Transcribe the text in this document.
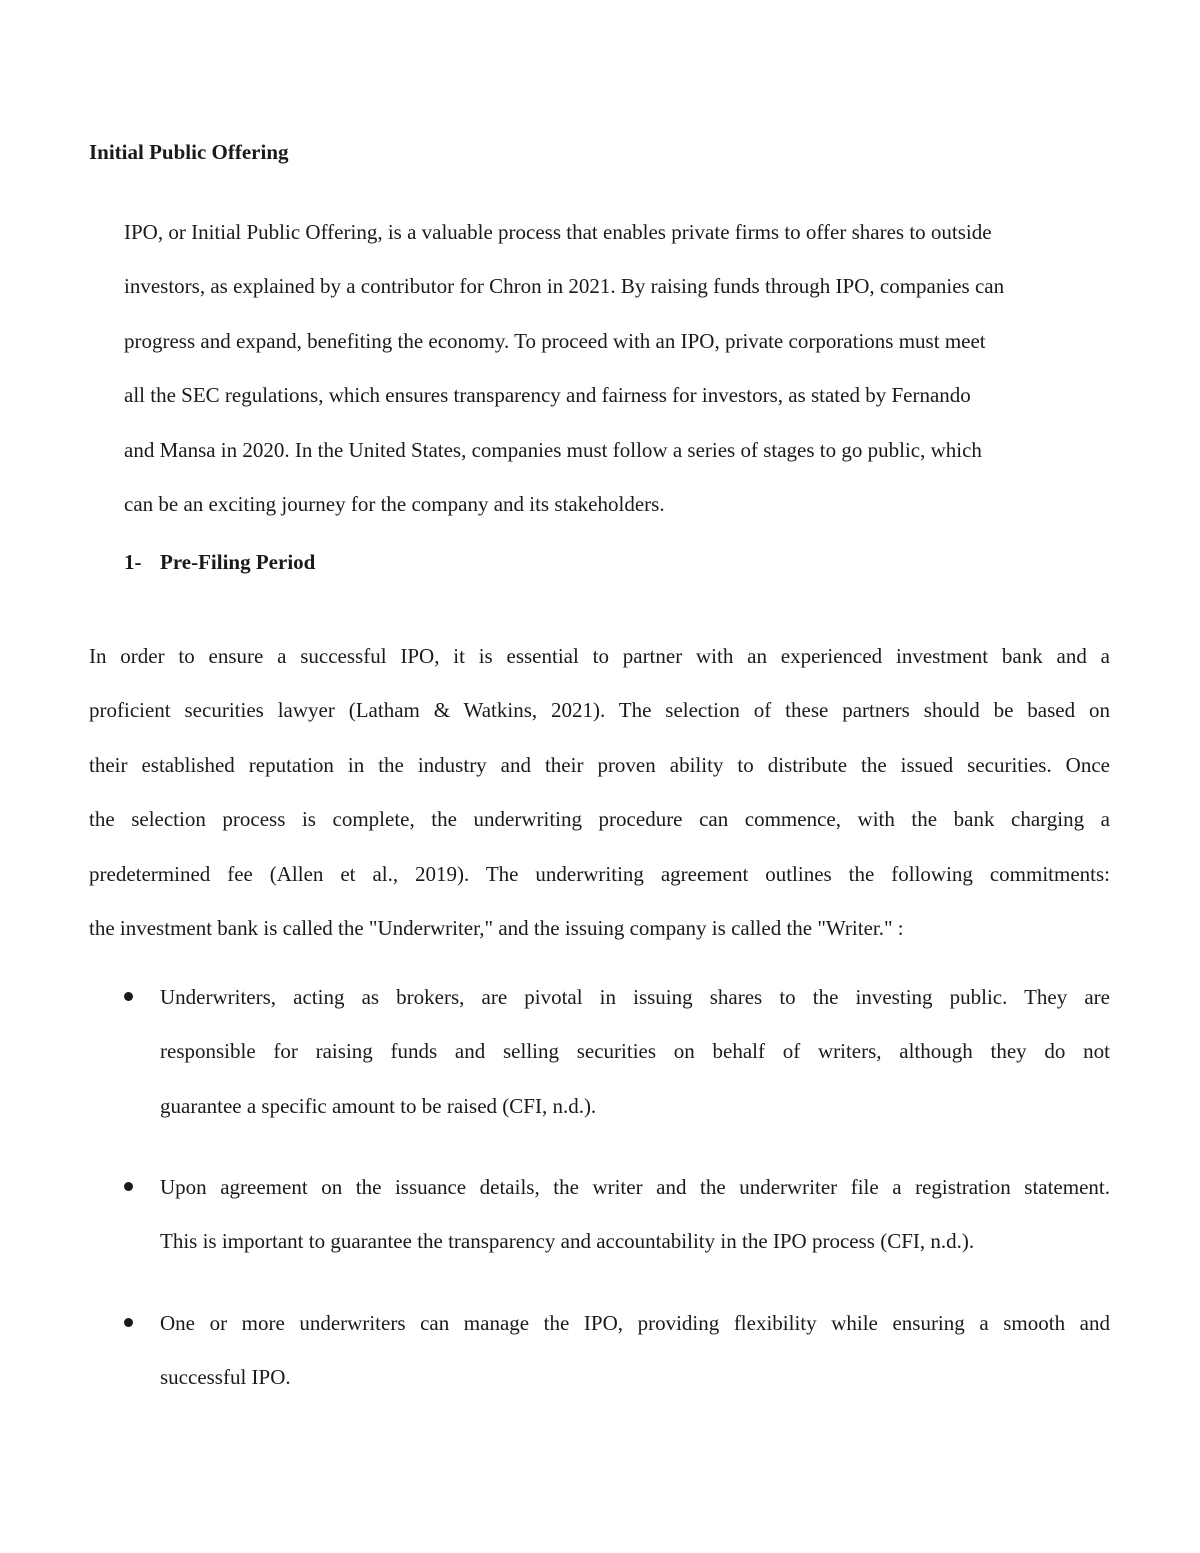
Initial Public Offering

IPO, or Initial Public Offering, is a valuable process that enables private firms to offer shares to outside
investors, as explained by a contributor for Chron in 2021. By raising funds through IPO, companies can
progress and expand, benefiting the economy. To proceed with an IPO, private corporations must meet
all the SEC regulations, which ensures transparency and fairness for investors, as stated by Fernando
and Mansa in 2020. In the United States, companies must follow a series of stages to go public, which
can be an exciting journey for the company and its stakeholders.

1- Pre-Filing Period

In order to ensure a successful IPO, it is essential to partner with an experienced investment bank and a
proficient securities lawyer (Latham & Watkins, 2021). The selection of these partners should be based on
their established reputation in the industry and their proven ability to distribute the issued securities. Once
the selection process is complete, the underwriting procedure can commence, with the bank charging a
predetermined fee (Allen et al., 2019). The underwriting agreement outlines the following commitments:
the investment bank is called the "Underwriter," and the issuing company is called the "Writer." :

Underwriters, acting as brokers, are pivotal in issuing shares to the investing public. They are
responsible for raising funds and selling securities on behalf of writers, although they do not
guarantee a specific amount to be raised (CFI, n.d.).
Upon agreement on the issuance details, the writer and the underwriter file a registration statement.
This is important to guarantee the transparency and accountability in the IPO process (CFI, n.d.).
One or more underwriters can manage the IPO, providing flexibility while ensuring a smooth and
successful IPO.
